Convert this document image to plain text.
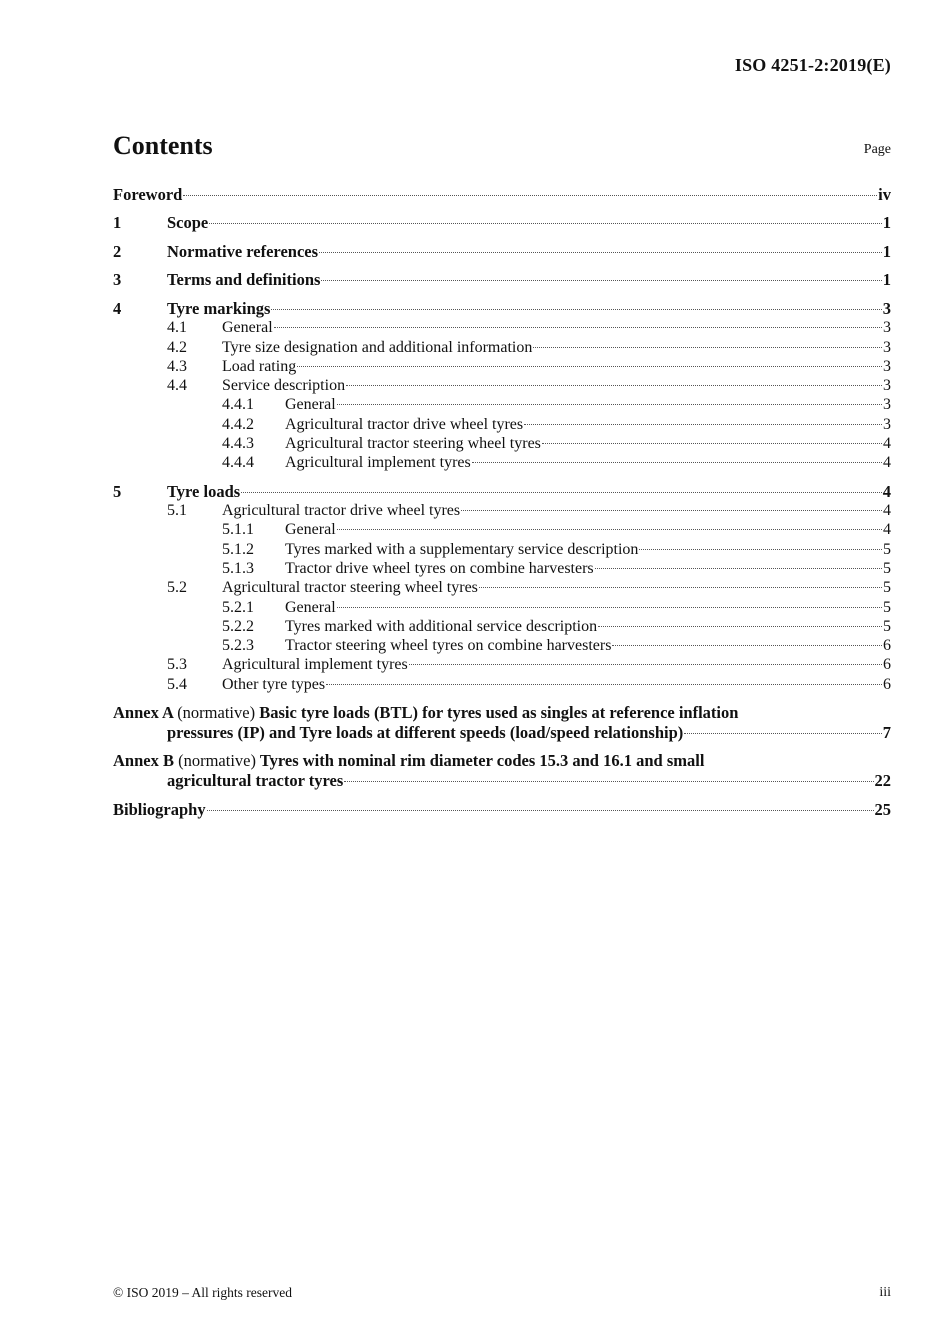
ISO 4251-2:2019(E)
Contents	Page
Foreword	iv
1	Scope	1
2	Normative references	1
3	Terms and definitions	1
4	Tyre markings	3
4.1	General	3
4.2	Tyre size designation and additional information	3
4.3	Load rating	3
4.4	Service description	3
4.4.1	General	3
4.4.2	Agricultural tractor drive wheel tyres	3
4.4.3	Agricultural tractor steering wheel tyres	4
4.4.4	Agricultural implement tyres	4
5	Tyre loads	4
5.1	Agricultural tractor drive wheel tyres	4
5.1.1	General	4
5.1.2	Tyres marked with a supplementary service description	5
5.1.3	Tractor drive wheel tyres on combine harvesters	5
5.2	Agricultural tractor steering wheel tyres	5
5.2.1	General	5
5.2.2	Tyres marked with additional service description	5
5.2.3	Tractor steering wheel tyres on combine harvesters	6
5.3	Agricultural implement tyres	6
5.4	Other tyre types	6
Annex A (normative) Basic tyre loads (BTL) for tyres used as singles at reference inflation
pressures (IP) and Tyre loads at different speeds (load/speed relationship)	7
Annex B (normative) Tyres with nominal rim diameter codes 15.3 and 16.1 and small
agricultural tractor tyres	22
Bibliography	25
© ISO 2019 – All rights reserved	iii
